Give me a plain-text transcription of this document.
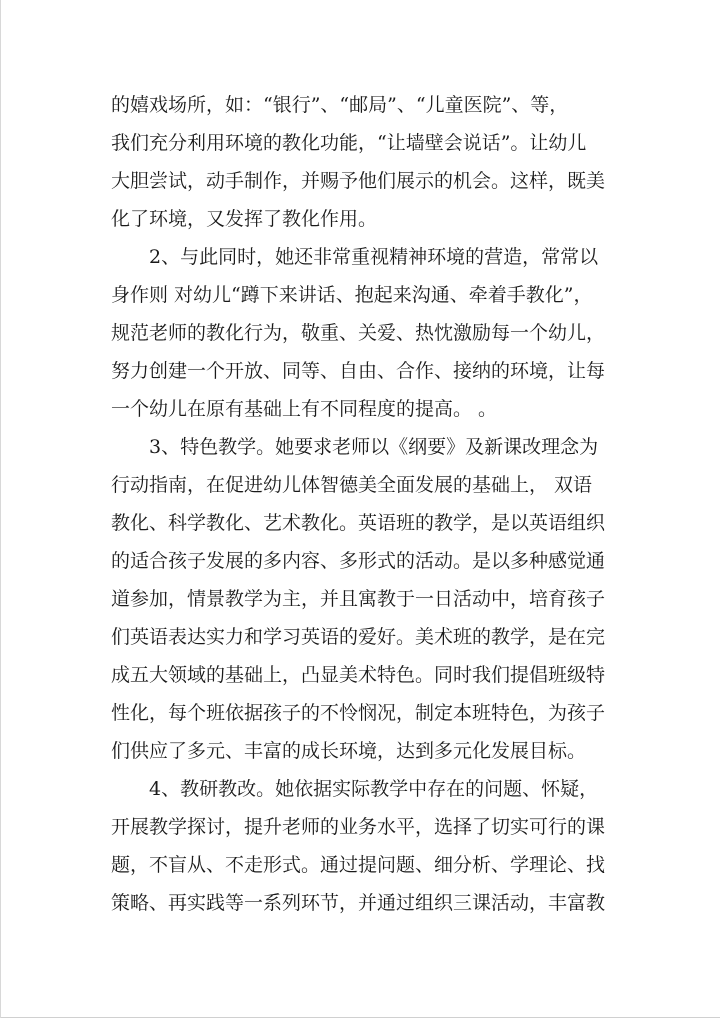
的嬉戏场所，如：“银行”、“邮局”、“儿童医院”、等，
我们充分利用环境的教化功能，“让墙壁会说话”。让幼儿
大胆尝试，动手制作，并赐予他们展示的机会。这样，既美
化了环境，又发挥了教化作用。
　　2、与此同时，她还非常重视精神环境的营造，常常以
身作则 对幼儿“蹲下来讲话、抱起来沟通、牵着手教化”，
规范老师的教化行为，敬重、关爱、热忱激励每一个幼儿，
努力创建一个开放、同等、自由、合作、接纳的环境，让每
一个幼儿在原有基础上有不同程度的提高。 。
　　3、特色教学。她要求老师以《纲要》及新课改理念为
行动指南，在促进幼儿体智德美全面发展的基础上， 双语
教化、科学教化、艺术教化。英语班的教学，是以英语组织
的适合孩子发展的多内容、多形式的活动。是以多种感觉通
道参加，情景教学为主，并且寓教于一日活动中，培育孩子
们英语表达实力和学习英语的爱好。美术班的教学，是在完
成五大领域的基础上，凸显美术特色。同时我们提倡班级特
性化，每个班依据孩子的不怜悯况，制定本班特色，为孩子
们供应了多元、丰富的成长环境，达到多元化发展目标。
　　4、教研教改。她依据实际教学中存在的问题、怀疑，
开展教学探讨，提升老师的业务水平，选择了切实可行的课
题，不盲从、不走形式。通过提问题、细分析、学理论、找
策略、再实践等一系列环节，并通过组织三课活动，丰富教
